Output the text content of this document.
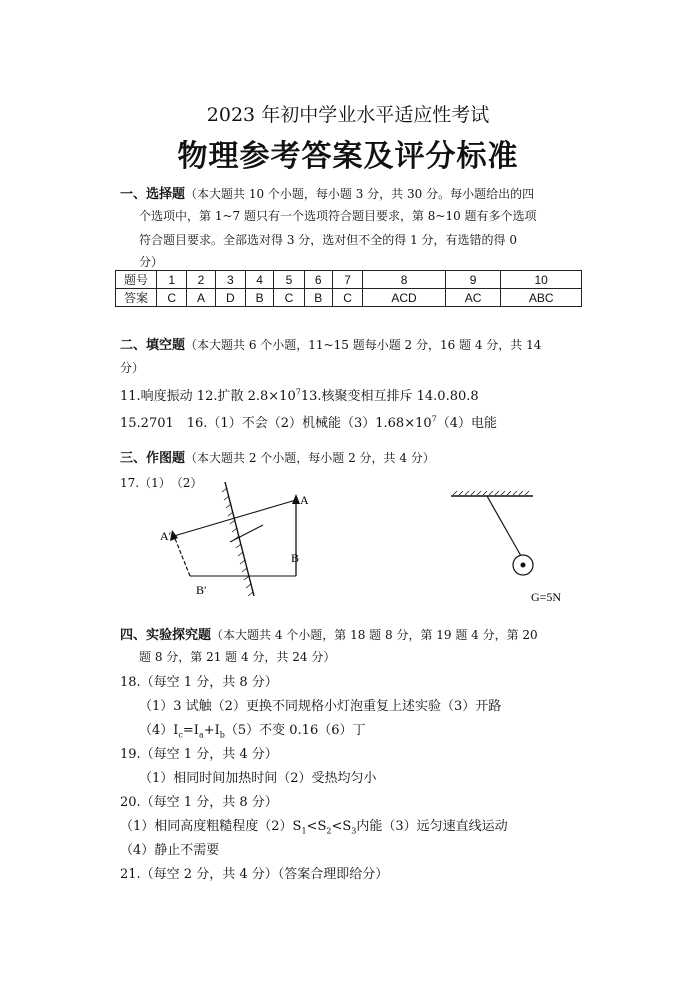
2023 年初中学业水平适应性考试
物理参考答案及评分标准
一、选择题（本大题共 10 个小题，每小题 3 分，共 30 分。每小题给出的四
个选项中，第 1~7 题只有一个选项符合题目要求，第 8~10 题有多个选项
符合题目要求。全部选对得 3 分，选对但不全的得 1 分，有选错的得 0
分）
题号	1	2	3	4	5	6	7	8	9	10
答案	C	A	D	B	C	B	C	ACD	AC	ABC
二、填空题（本大题共 6 个小题，11~15 题每小题 2 分，16 题 4 分，共 14
分）
11.响度振动 12.扩散 $2.8\times 10^713$.核聚变相互排斥 14.0.80.8
15.2701　16.（1）不会（2）机械能$(3)1.68\times 10^7(4)$电能
三、作图题（本大题共 2 个小题，每小题 2 分，共 4 分）
17.（1）　（2）
A
A′
B
B′	G=5N
四、实验探究题（本大题共 4 个小题，第 18 题 8 分，第 19 题 4 分，第 20
题 8 分，第 21 题 4 分，共 24 分）
18.（每空 1 分，共 8 分）
（1）3 试触（2）更换不同规格小灯泡重复上述实验（3）开路
$(4)I_c=I_a+I_b(5)$不变 0.16（6）丁
19.（每空 1 分，共 4 分）
（1）相同时间加热时间（2）受热均匀小
20.（每空 1 分，共 8 分）
（1）相同高度粗糙程度$(2)S_1<S_2<S_3$内能（3）远匀速直线运动
（4）静止不需要
21.（每空 2 分，共 4 分）（答案合理即给分）
